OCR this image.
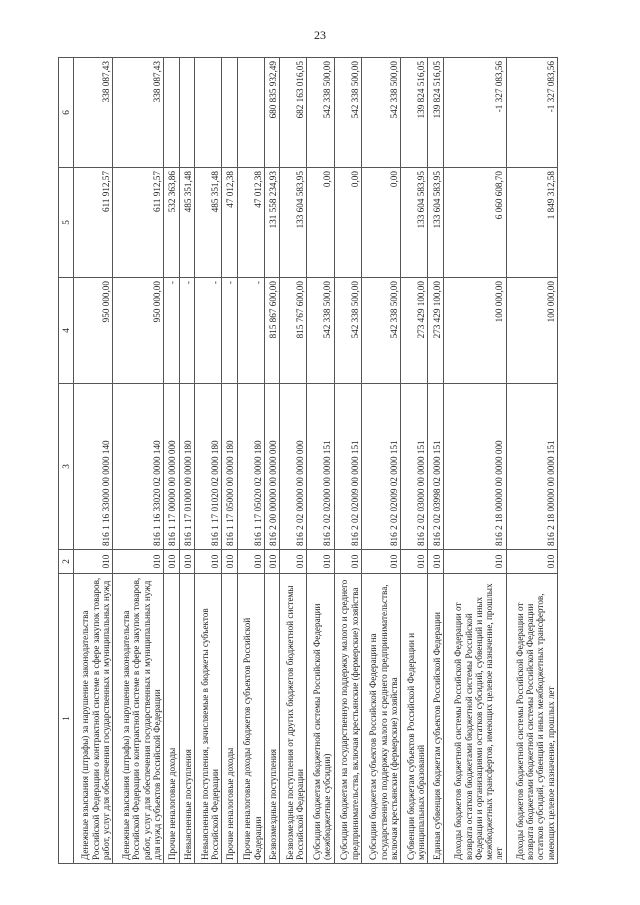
23
1	2	3	4	5	6
Денежные взыскания (штрафы) за нарушение законодательства Российской Федерации о контрактной системе в сфере закупок товаров, работ, услуг для обеспечения государственных и муниципальных нужд	010	816 1 16 33000 00 0000 140	950 000,00	611 912,57	338 087,43
Денежные взыскания (штрафы) за нарушение законодательства Российской Федерации о контрактной системе в сфере закупок товаров, работ, услуг для обеспечения государственных и муниципальных нужд для нужд субъектов Российской Федерации	010	816 1 16 33020 02 0000 140	950 000,00	611 912,57	338 087,43
Прочие неналоговые доходы	010	816 1 17 00000 00 0000 000	-	532 363,86	
Невыясненные поступления	010	816 1 17 01000 00 0000 180	-	485 351,48	
Невыясненные поступления, зачисляемые в бюджеты субъектов Российской Федерации	010	816 1 17 01020 02 0000 180	-	485 351,48	
Прочие неналоговые доходы	010	816 1 17 05000 00 0000 180	-	47 012,38	
Прочие неналоговые доходы бюджетов субъектов Российской Федерации	010	816 1 17 05020 02 0000 180	-	47 012,38	
Безвозмездные поступления	010	816 2 00 00000 00 0000 000	815 867 600,00	131 558 234,93	680 835 932,49
Безвозмездные поступления от других бюджетов бюджетной системы Российской Федерации	010	816 2 02 00000 00 0000 000	815 767 600,00	133 604 583,95	682 163 016,05
Субсидии бюджетам бюджетной системы Российской Федерации (межбюджетные субсидии)	010	816 2 02 02000 00 0000 151	542 338 500,00	0,00	542 338 500,00
Субсидии бюджетам на государственную поддержку малого и среднего предпринимательства, включая крестьянские (фермерские) хозяйства	010	816 2 02 02009 00 0000 151	542 338 500,00	0,00	542 338 500,00
Субсидии бюджетам субъектов Российской Федерации на государственную поддержку малого и среднего предпринимательства, включая крестьянские (фермерские) хозяйства	010	816 2 02 02009 02 0000 151	542 338 500,00	0,00	542 338 500,00
Субвенции бюджетам субъектов Российской Федерации и муниципальных образований	010	816 2 02 03000 00 0000 151	273 429 100,00	133 604 583,95	139 824 516,05
Единая субвенция бюджетам субъектов Российской Федерации	010	816 2 02 03998 02 0000 151	273 429 100,00	133 604 583,95	139 824 516,05
Доходы бюджетов бюджетной системы Российской Федерации от возврата остатков бюджетами бюджетной системы Российской Федерации и организациями остатков субсидий, субвенций и иных межбюджетных трансфертов, имеющих целевое назначение, прошлых лет	010	816 2 18 00000 00 0000 000	100 000,00	6 060 608,70	-1 327 083,56
Доходы бюджетов бюджетной системы Российской Федерации от возврата бюджетами бюджетной системы Российской Федерации остатков субсидий, субвенций и иных межбюджетных трансфертов, имеющих целевое назначение, прошлых лет	010	816 2 18 00000 00 0000 151	100 000,00	1 849 312,58	-1 327 083,56
